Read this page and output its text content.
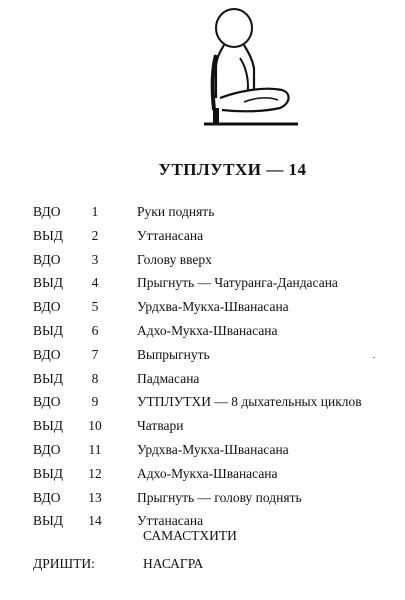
УТПЛУТХИ — 14
ВДО	1	Руки поднять
ВЫД	2	Уттанасана
ВДО	3	Голову вверх
ВЫД	4	Прыгнуть — Чатуранга-Дандасана
ВДО	5	Урдхва-Мукха-Шванасана
ВЫД	6	Адхо-Мукха-Шванасана
ВДО	7	Выпрыгнуть
ВЫД	8	Падмасана
ВДО	9	УТПЛУТХИ — 8 дыхательных циклов
ВЫД	10	Чатвари
ВДО	11	Урдхва-Мукха-Шванасана
ВЫД	12	Адхо-Мукха-Шванасана
ВДО	13	Прыгнуть — голову поднять
ВЫД	14	Уттанасана
САМАСТХИТИ
ДРИШТИ:	НАСАГРА
